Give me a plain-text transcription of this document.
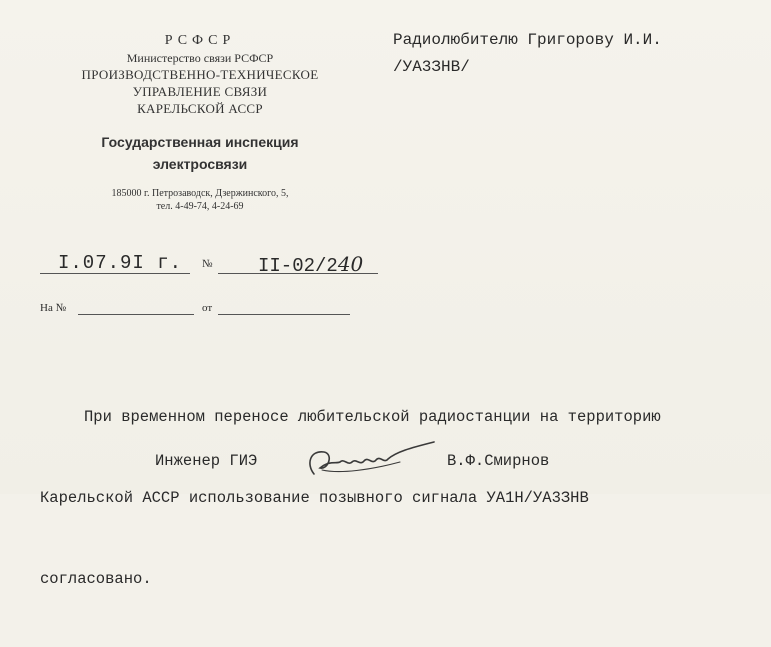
РСФСР
Министерство связи РСФСР
ПРОИЗВОДСТВЕННО-ТЕХНИЧЕСКОЕ
УПРАВЛЕНИЕ СВЯЗИ
КАРЕЛЬСКОЙ АССР
Государственная инспекция
электросвязи
185000 г. Петрозаводск, Дзержинского, 5,
тел. 4-49-74, 4-24-69
I.07.9I г. № II-02/240
На №	от
Радиолюбителю Григорову И.И.
/УА3ЗНВ/

При временном переносе любительской радиостанции на территорию

Карельской АССР использование позывного сигнала УА1Н/УА3ЗНВ

согласовано.

Инженер ГИЭ	В.Ф.Смирнов
